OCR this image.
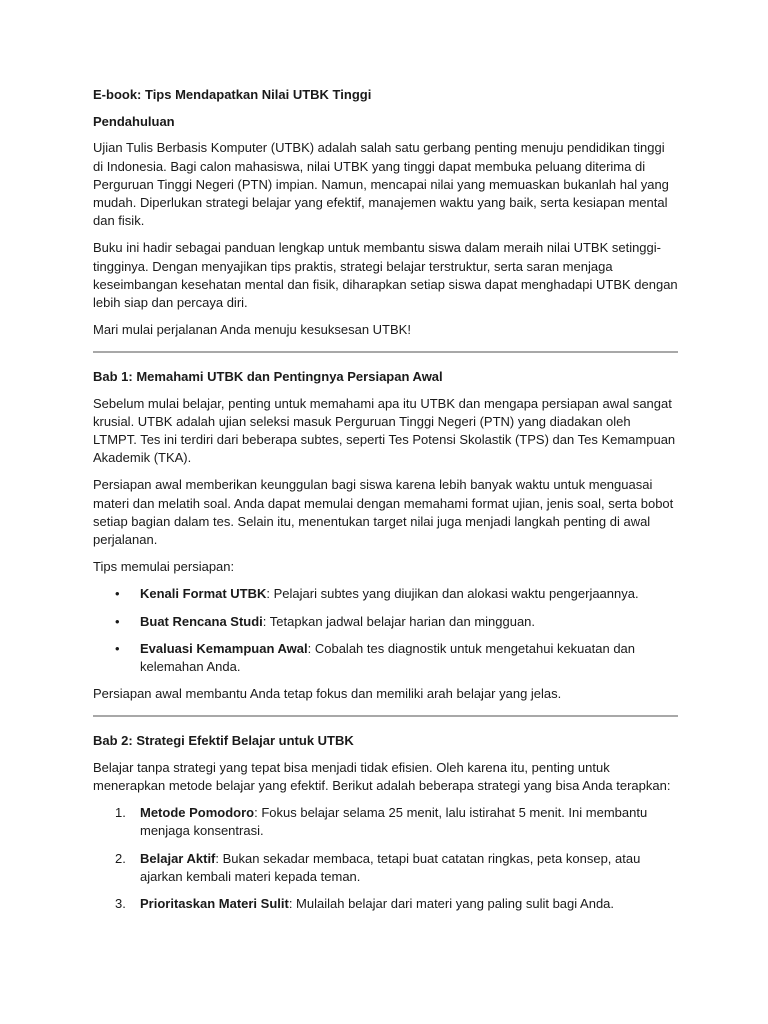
E-book: Tips Mendapatkan Nilai UTBK Tinggi
Pendahuluan

Ujian Tulis Berbasis Komputer (UTBK) adalah salah satu gerbang penting menuju pendidikan tinggi di Indonesia. Bagi calon mahasiswa, nilai UTBK yang tinggi dapat membuka peluang diterima di Perguruan Tinggi Negeri (PTN) impian. Namun, mencapai nilai yang memuaskan bukanlah hal yang mudah. Diperlukan strategi belajar yang efektif, manajemen waktu yang baik, serta kesiapan mental dan fisik.

Buku ini hadir sebagai panduan lengkap untuk membantu siswa dalam meraih nilai UTBK setinggi-tingginya. Dengan menyajikan tips praktis, strategi belajar terstruktur, serta saran menjaga keseimbangan kesehatan mental dan fisik, diharapkan setiap siswa dapat menghadapi UTBK dengan lebih siap dan percaya diri.

Mari mulai perjalanan Anda menuju kesuksesan UTBK!

Bab 1: Memahami UTBK dan Pentingnya Persiapan Awal

Sebelum mulai belajar, penting untuk memahami apa itu UTBK dan mengapa persiapan awal sangat krusial. UTBK adalah ujian seleksi masuk Perguruan Tinggi Negeri (PTN) yang diadakan oleh LTMPT. Tes ini terdiri dari beberapa subtes, seperti Tes Potensi Skolastik (TPS) dan Tes Kemampuan Akademik (TKA).

Persiapan awal memberikan keunggulan bagi siswa karena lebih banyak waktu untuk menguasai materi dan melatih soal. Anda dapat memulai dengan memahami format ujian, jenis soal, serta bobot setiap bagian dalam tes. Selain itu, menentukan target nilai juga menjadi langkah penting di awal perjalanan.

Tips memulai persiapan:

• Kenali Format UTBK: Pelajari subtes yang diujikan dan alokasi waktu pengerjaannya.
• Buat Rencana Studi: Tetapkan jadwal belajar harian dan mingguan.
• Evaluasi Kemampuan Awal: Cobalah tes diagnostik untuk mengetahui kekuatan dan kelemahan Anda.

Persiapan awal membantu Anda tetap fokus dan memiliki arah belajar yang jelas.

Bab 2: Strategi Efektif Belajar untuk UTBK

Belajar tanpa strategi yang tepat bisa menjadi tidak efisien. Oleh karena itu, penting untuk menerapkan metode belajar yang efektif. Berikut adalah beberapa strategi yang bisa Anda terapkan:

1. Metode Pomodoro: Fokus belajar selama 25 menit, lalu istirahat 5 menit. Ini membantu menjaga konsentrasi.
2. Belajar Aktif: Bukan sekadar membaca, tetapi buat catatan ringkas, peta konsep, atau ajarkan kembali materi kepada teman.
3. Prioritaskan Materi Sulit: Mulailah belajar dari materi yang paling sulit bagi Anda.
